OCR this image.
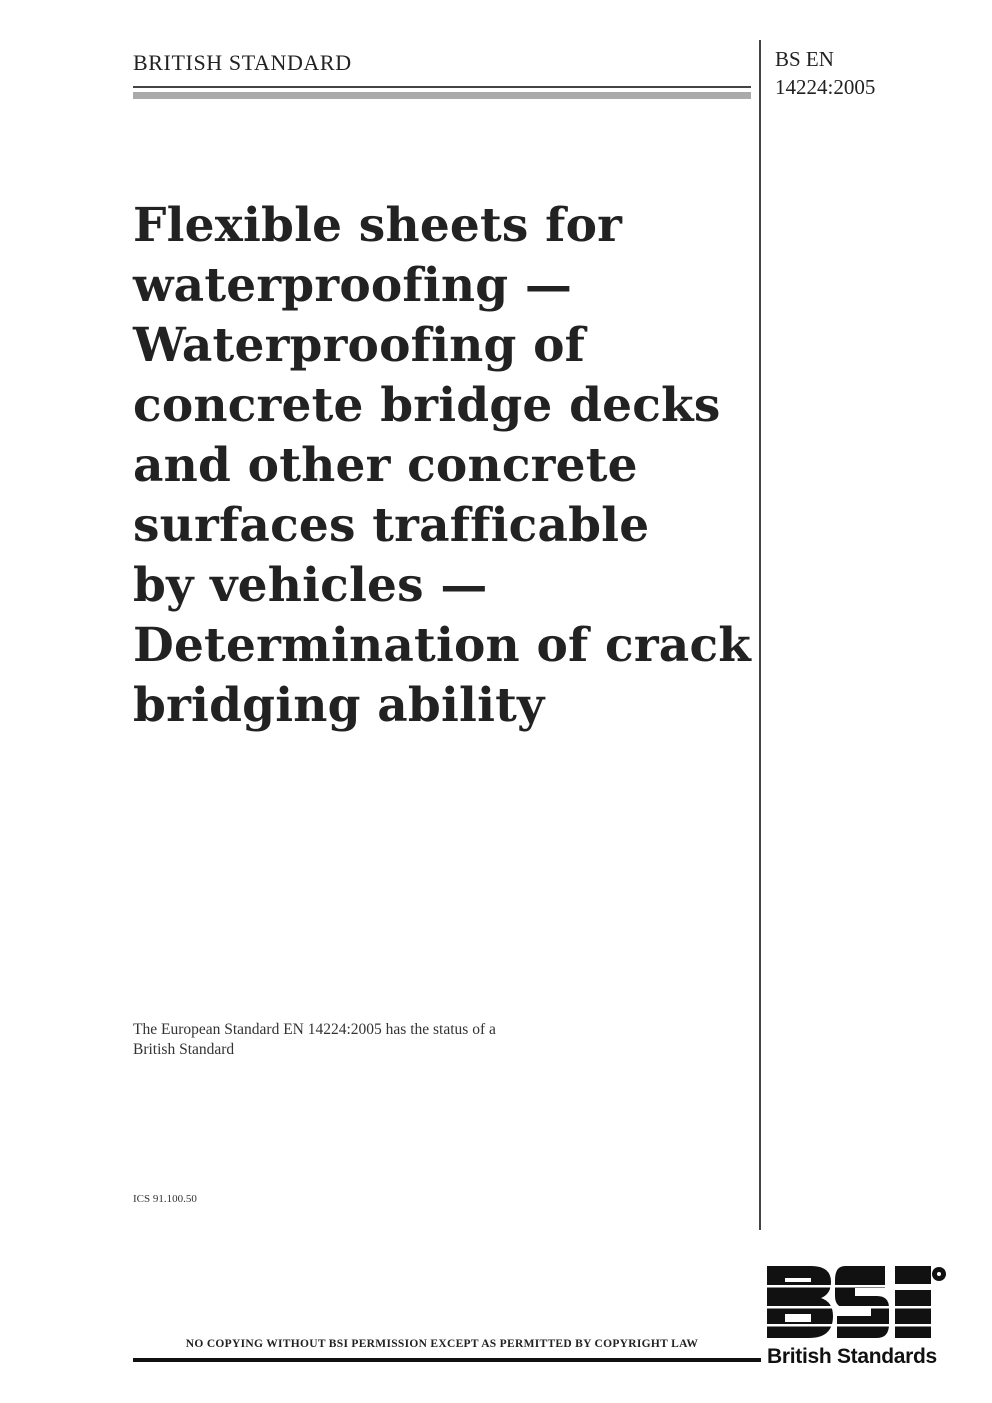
BRITISH STANDARD	BS EN
14224:2005
Flexible sheets for
waterproofing —
Waterproofing of
concrete bridge decks
and other concrete
surfaces trafficable
by vehicles —
Determination of crack
bridging ability
The European Standard EN 14224:2005 has the status of a
British Standard
ICS 91.100.50
NO COPYING WITHOUT BSI PERMISSION EXCEPT AS PERMITTED BY COPYRIGHT LAW
British Standards
